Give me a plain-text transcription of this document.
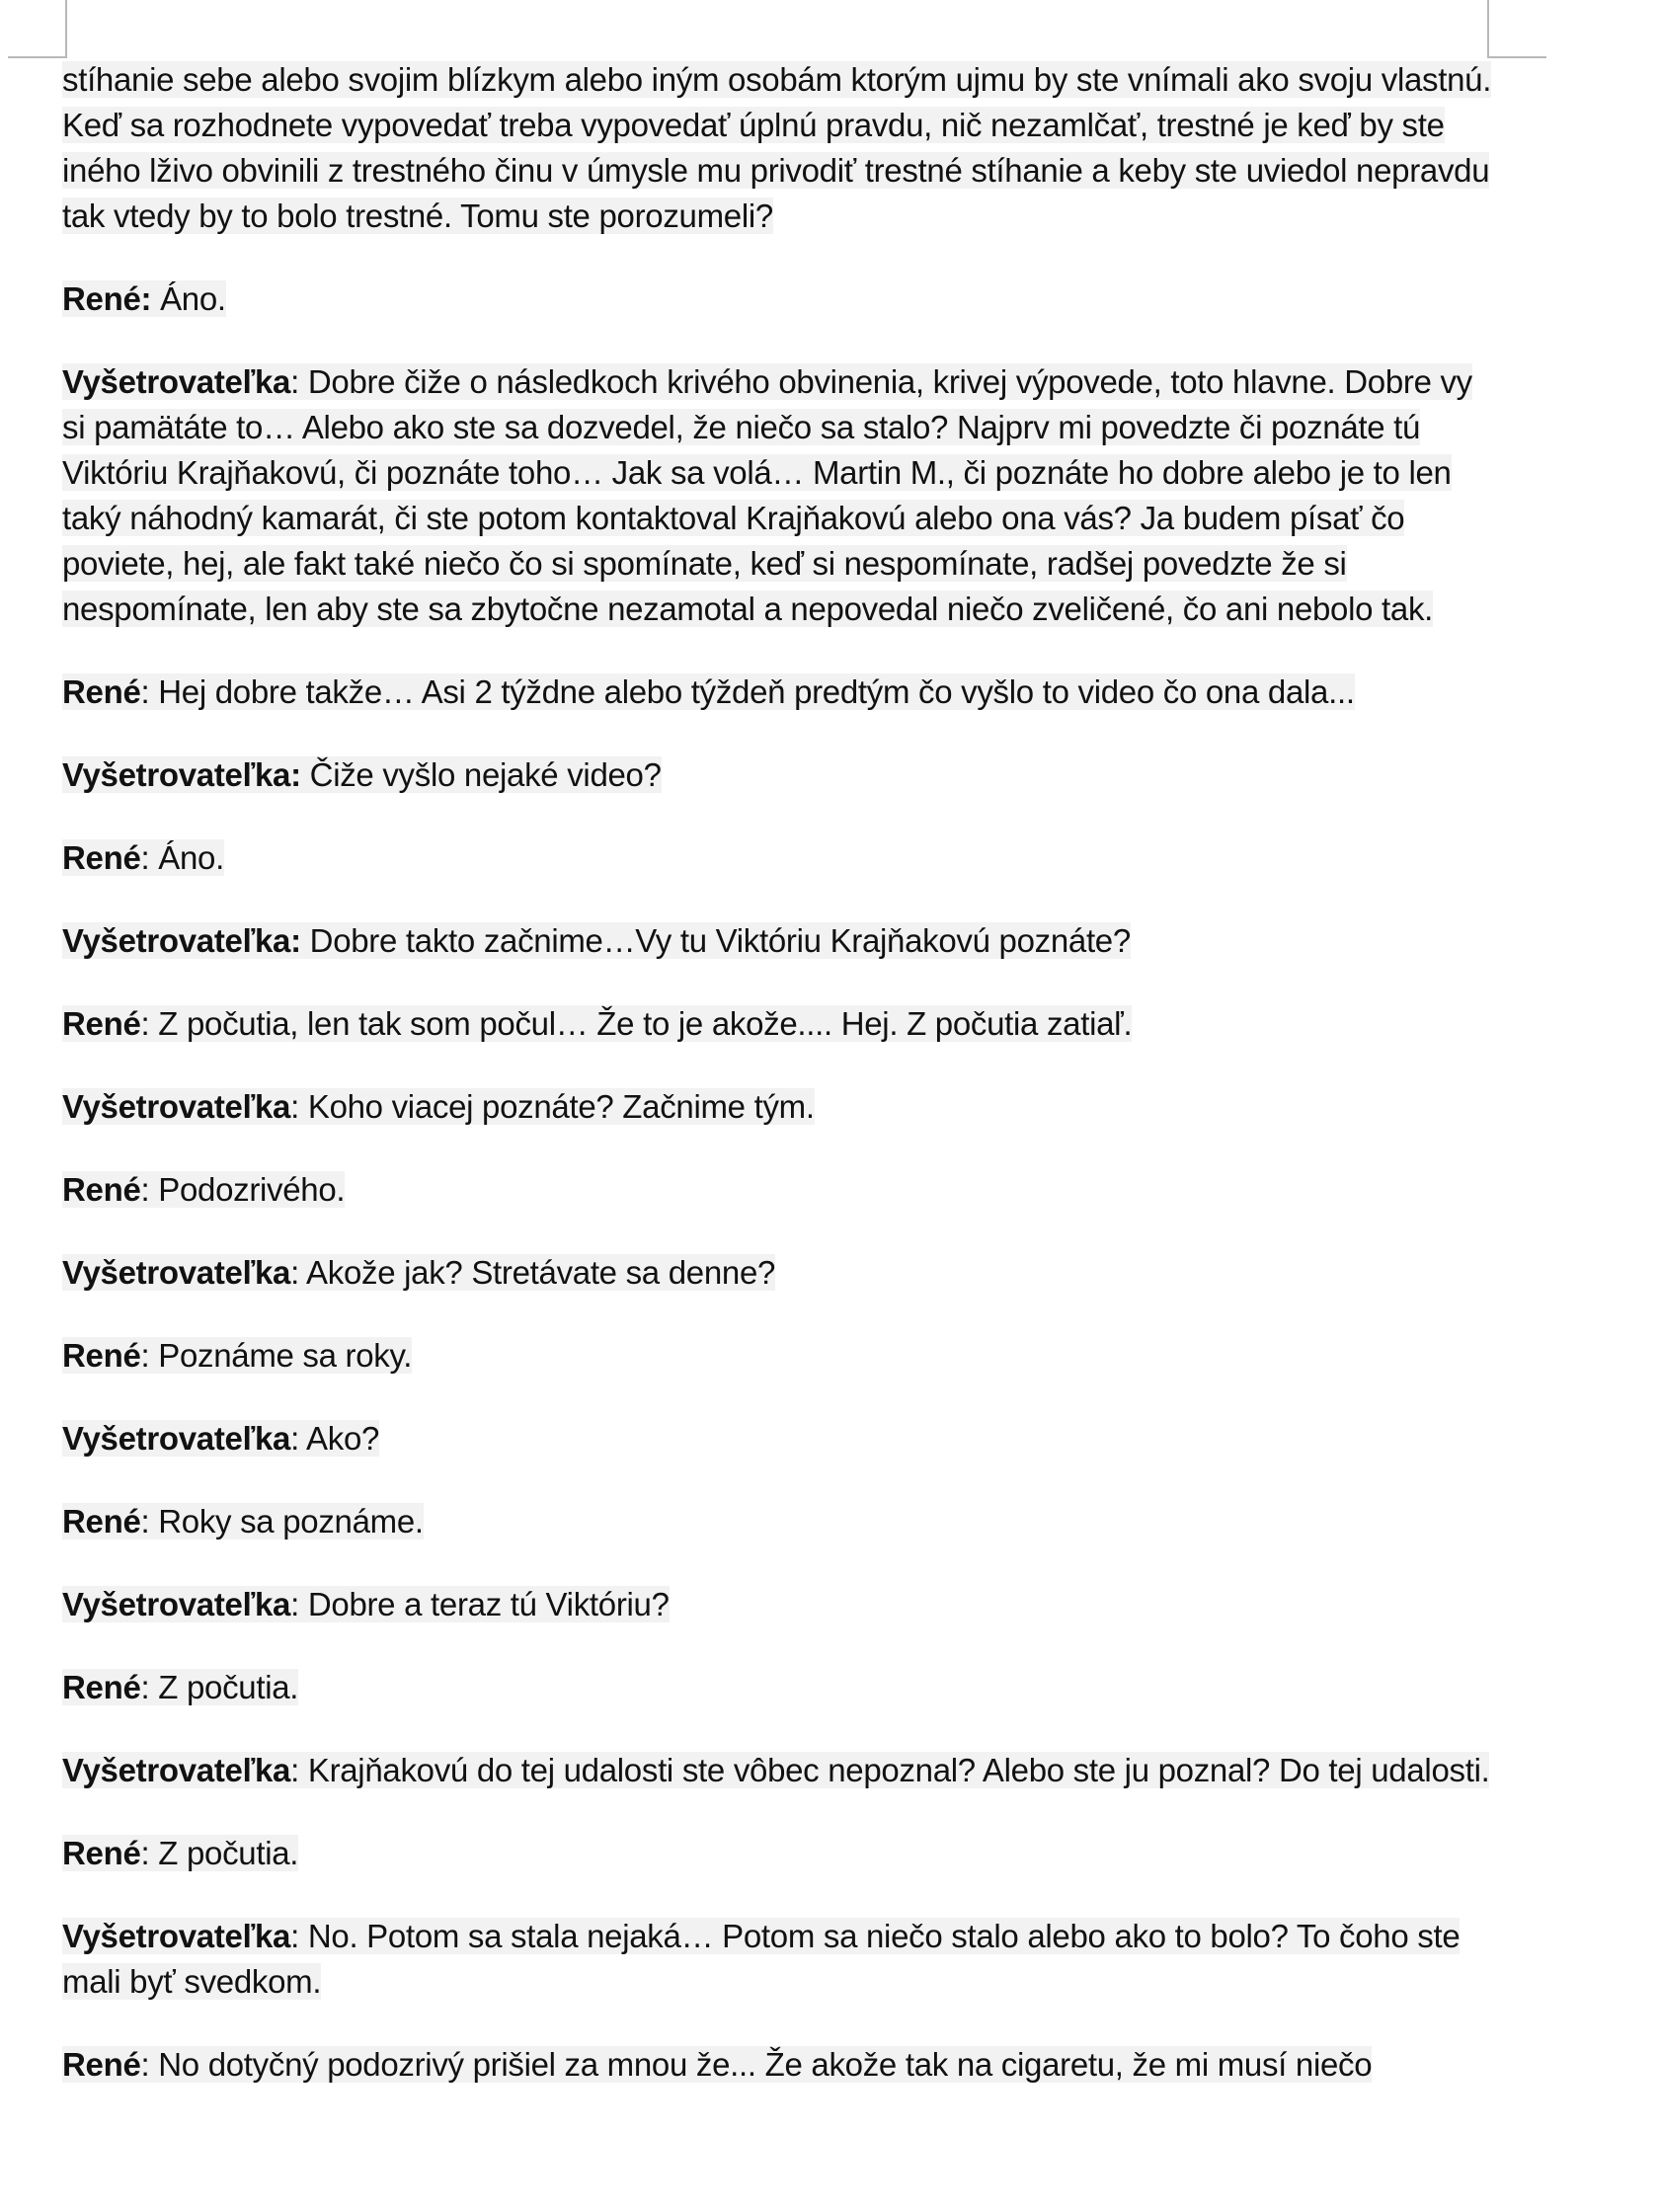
stíhanie sebe alebo svojim blízkym alebo iným osobám ktorým ujmu by ste vnímali ako svoju vlastnú. Keď sa rozhodnete vypovedať treba vypovedať úplnú pravdu, nič nezamlčať, trestné je keď by ste iného lživo obvinili z trestného činu v úmysle mu privodiť trestné stíhanie a keby ste uviedol nepravdu tak vtedy by to bolo trestné. Tomu ste porozumeli?

René: Áno.

Vyšetrovateľka: Dobre čiže o následkoch krivého obvinenia, krivej výpovede, toto hlavne. Dobre vy si pamätáte to… Alebo ako ste sa dozvedel, že niečo sa stalo? Najprv mi povedzte či poznáte tú Viktóriu Krajňakovú, či poznáte toho… Jak sa volá… Martin M., či poznáte ho dobre alebo je to len taký náhodný kamarát, či ste potom kontaktoval Krajňakovú alebo ona vás? Ja budem písať čo poviete, hej, ale fakt také niečo čo si spomínate, keď si nespomínate, radšej povedzte že si nespomínate, len aby ste sa zbytočne nezamotal a nepovedal niečo zveličené, čo ani nebolo tak.

René: Hej dobre takže… Asi 2 týždne alebo týždeň predtým čo vyšlo to video čo ona dala...

Vyšetrovateľka: Čiže vyšlo nejaké video?

René: Áno.

Vyšetrovateľka: Dobre takto začnime…Vy tu Viktóriu Krajňakovú poznáte?

René: Z počutia, len tak som počul… Že to je akože.... Hej. Z počutia zatiaľ.

Vyšetrovateľka: Koho viacej poznáte? Začnime tým.

René: Podozrivého.

Vyšetrovateľka: Akože jak? Stretávate sa denne?

René: Poznáme sa roky.

Vyšetrovateľka: Ako?

René: Roky sa poznáme.

Vyšetrovateľka: Dobre a teraz tú Viktóriu?

René: Z počutia.

Vyšetrovateľka: Krajňakovú do tej udalosti ste vôbec nepoznal? Alebo ste ju poznal? Do tej udalosti.

René: Z počutia.

Vyšetrovateľka: No. Potom sa stala nejaká… Potom sa niečo stalo alebo ako to bolo? To čoho ste mali byť svedkom.

René: No dotyčný podozrivý prišiel za mnou že... Že akože tak na cigaretu, že mi musí niečo
